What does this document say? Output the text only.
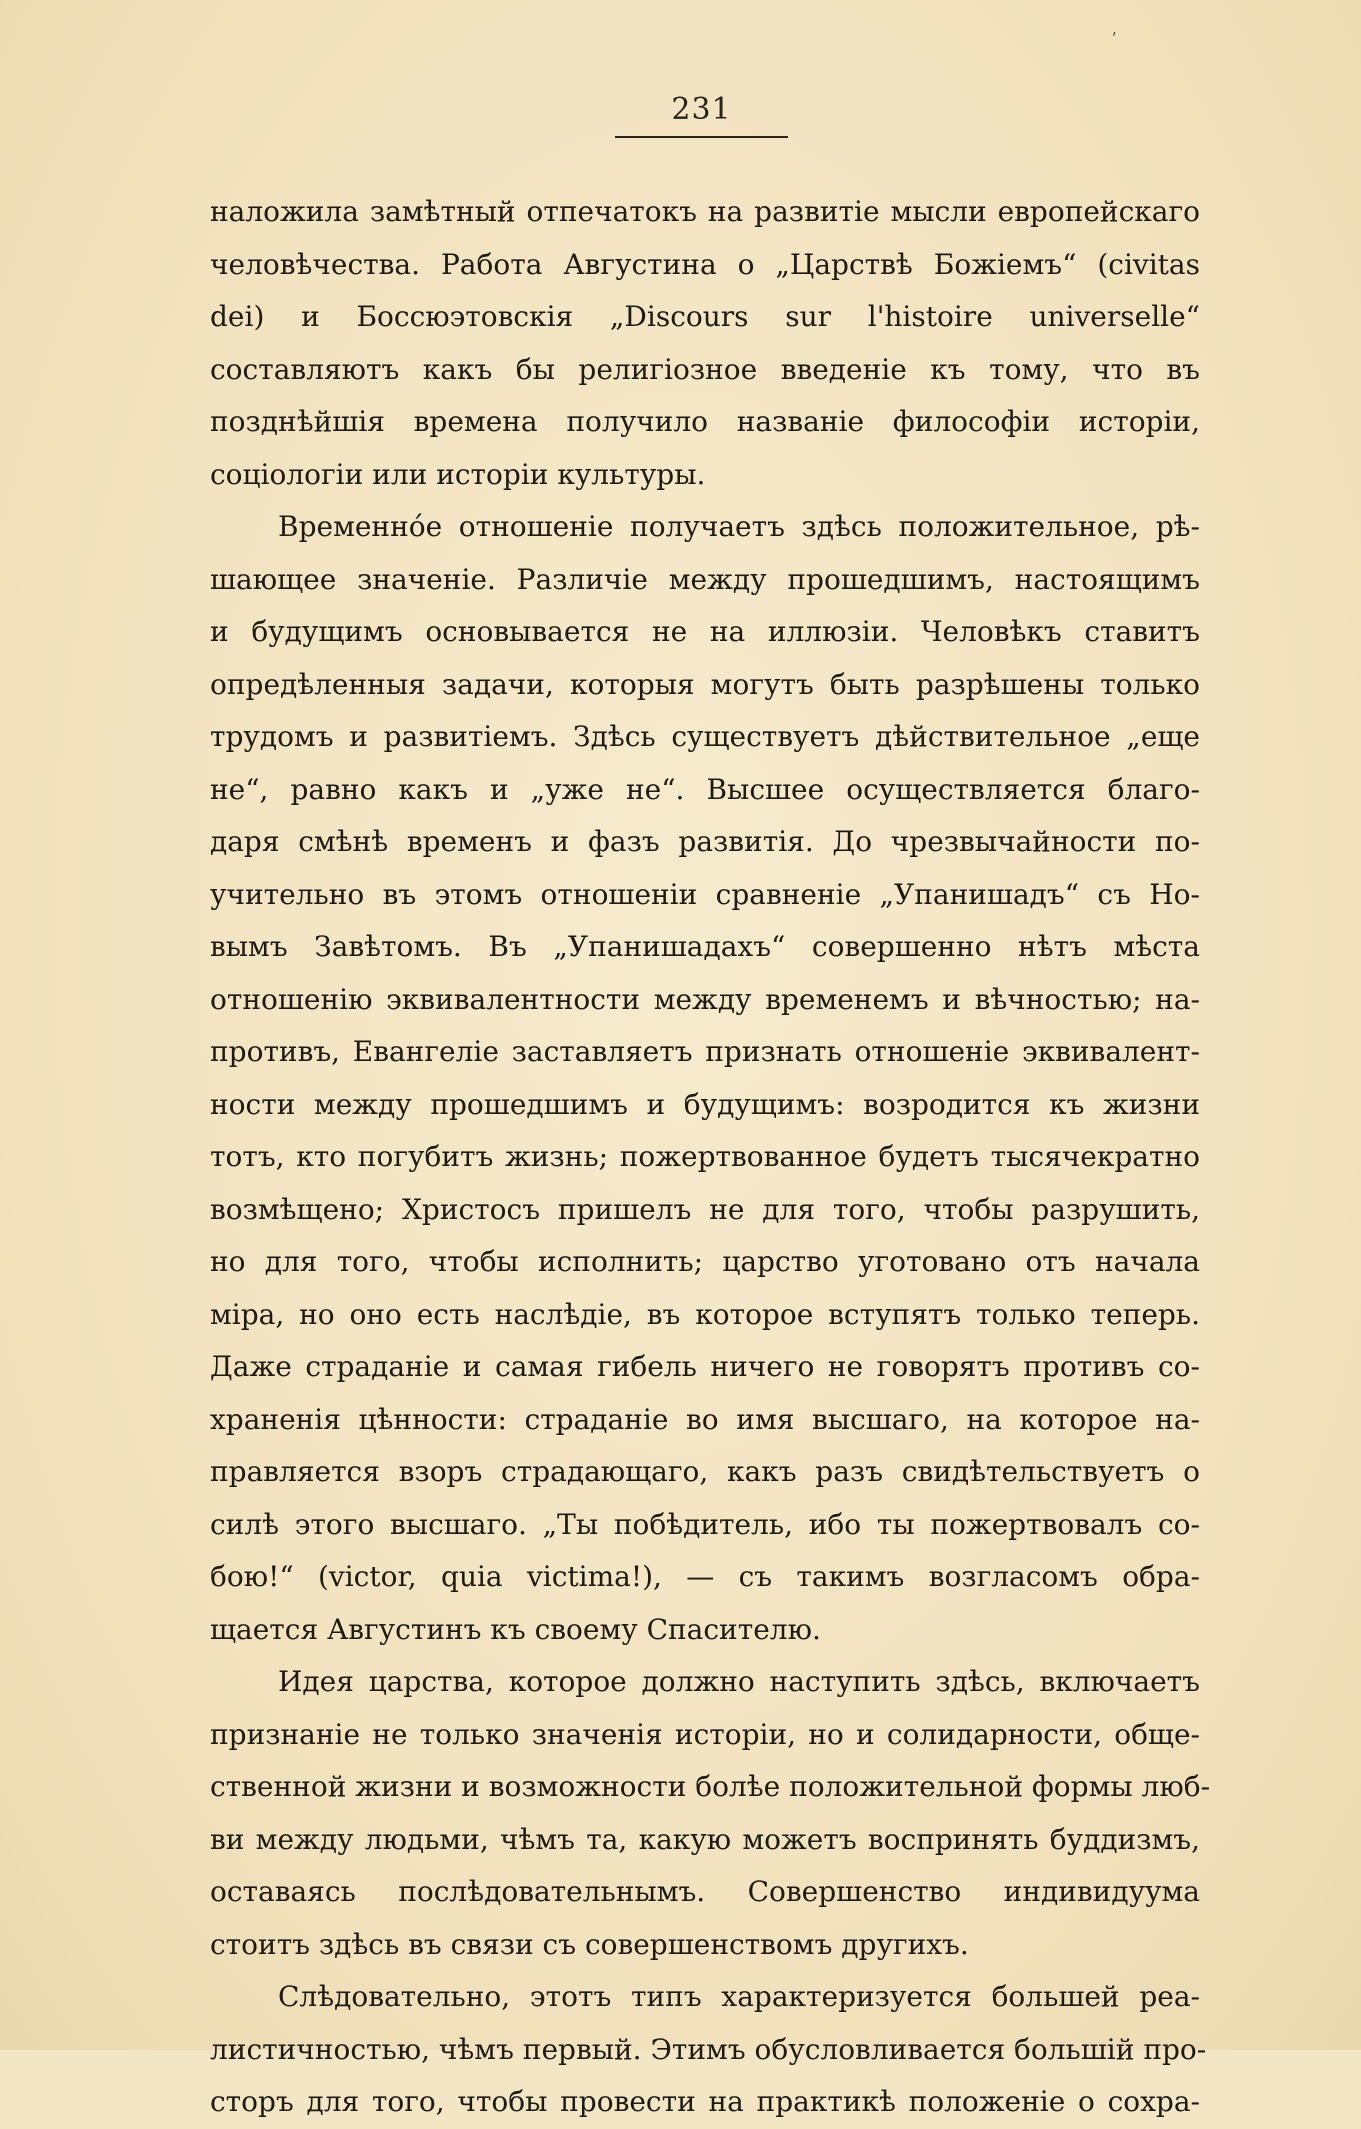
´
231
наложила замѣтный отпечатокъ на развитіе мысли европейскаго
человѣчества. Работа Августина о „Царствѣ Божіемъ“ (civitas
dei) и Боссюэтовскія „Discours sur l'histoire universelle“
составляютъ какъ бы религіозное введеніе къ тому, что въ
позднѣйшія времена получило названіе философіи исторіи,
соціологіи или исторіи культуры.
Временнóе отношеніе получаетъ здѣсь положительное, рѣ-
шающее значеніе. Различіе между прошедшимъ, настоящимъ
и будущимъ основывается не на иллюзіи. Человѣкъ ставитъ
опредѣленныя задачи, которыя могутъ быть разрѣшены только
трудомъ и развитіемъ. Здѣсь существуетъ дѣйствительное „еще
не“, равно какъ и „уже не“. Высшее осуществляется благо-
даря смѣнѣ временъ и фазъ развитія. До чрезвычайности по-
учительно въ этомъ отношеніи сравненіе „Упанишадъ“ съ Но-
вымъ Завѣтомъ. Въ „Упанишадахъ“ совершенно нѣтъ мѣста
отношенію эквивалентности между временемъ и вѣчностью; на-
противъ, Евангеліе заставляетъ признать отношеніе эквивалент-
ности между прошедшимъ и будущимъ: возродится къ жизни
тотъ, кто погубитъ жизнь; пожертвованное будетъ тысячекратно
возмѣщено; Христосъ пришелъ не для того, чтобы разрушить,
но для того, чтобы исполнить; царство уготовано отъ начала
міра, но оно есть наслѣдіе, въ которое вступятъ только теперь.
Даже страданіе и самая гибель ничего не говорятъ противъ со-
храненія цѣнности: страданіе во имя высшаго, на которое на-
правляется взоръ страдающаго, какъ разъ свидѣтельствуетъ о
силѣ этого высшаго. „Ты побѣдитель, ибо ты пожертвовалъ со-
бою!“ (victor, quia victima!), — съ такимъ возгласомъ обра-
щается Августинъ къ своему Спасителю.
Идея царства, которое должно наступить здѣсь, включаетъ
признаніе не только значенія исторіи, но и солидарности, обще-
ственной жизни и возможности болѣе положительной формы люб-
ви между людьми, чѣмъ та, какую можетъ воспринять буддизмъ,
оставаясь послѣдовательнымъ. Совершенство индивидуума
стоитъ здѣсь въ связи съ совершенствомъ другихъ.
Слѣдовательно, этотъ типъ характеризуется большей реа-
листичностью, чѣмъ первый. Этимъ обусловливается большій про-
сторъ для того, чтобы провести на практикѣ положеніе о сохра-
